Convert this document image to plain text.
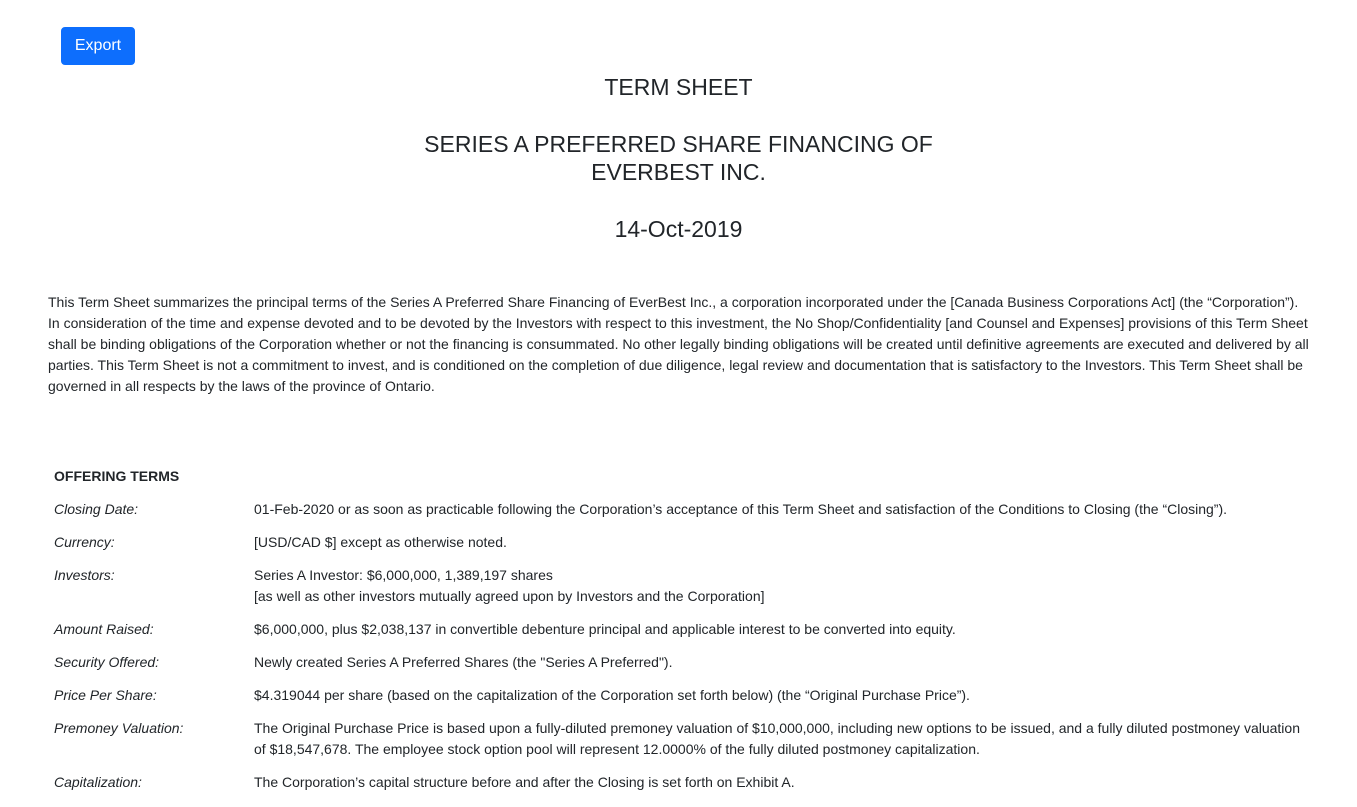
Export
TERM SHEET
SERIES A PREFERRED SHARE FINANCING OF
EVERBEST INC.
14-Oct-2019

This Term Sheet summarizes the principal terms of the Series A Preferred Share Financing of EverBest Inc., a corporation incorporated under the [Canada Business Corporations Act] (the “Corporation”). In consideration of the time and expense devoted and to be devoted by the Investors with respect to this investment, the No Shop/Confidentiality [and Counsel and Expenses] provisions of this Term Sheet shall be binding obligations of the Corporation whether or not the financing is consummated. No other legally binding obligations will be created until definitive agreements are executed and delivered by all parties. This Term Sheet is not a commitment to invest, and is conditioned on the completion of due diligence, legal review and documentation that is satisfactory to the Investors. This Term Sheet shall be governed in all respects by the laws of the province of Ontario.

OFFERING TERMS
Closing Date:	01-Feb-2020 or as soon as practicable following the Corporation’s acceptance of this Term Sheet and satisfaction of the Conditions to Closing (the “Closing”).
Currency:	[USD/CAD $] except as otherwise noted.
Investors:	Series A Investor: $6,000,000, 1,389,197 shares
[as well as other investors mutually agreed upon by Investors and the Corporation]
Amount Raised:	$6,000,000, plus $2,038,137 in convertible debenture principal and applicable interest to be converted into equity.
Security Offered:	Newly created Series A Preferred Shares (the "Series A Preferred").
Price Per Share:	$4.319044 per share (based on the capitalization of the Corporation set forth below) (the “Original Purchase Price”).
Premoney Valuation:	The Original Purchase Price is based upon a fully-diluted premoney valuation of $10,000,000, including new options to be issued, and a fully diluted postmoney valuation of $18,547,678. The employee stock option pool will represent 12.0000% of the fully diluted postmoney capitalization.
Capitalization:	The Corporation’s capital structure before and after the Closing is set forth on Exhibit A.
